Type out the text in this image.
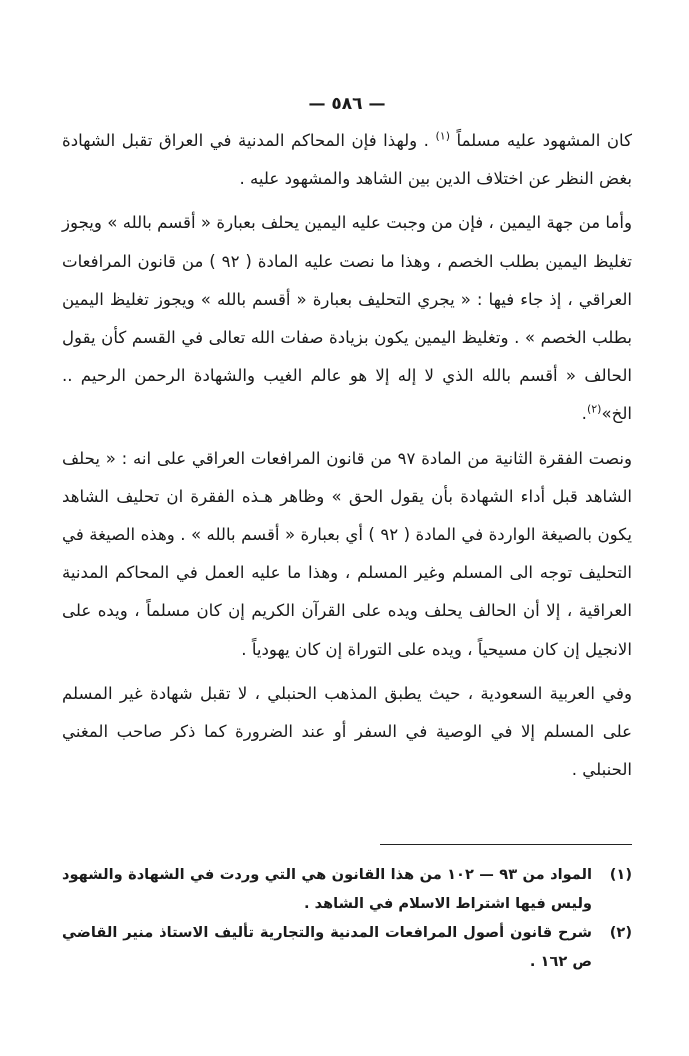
— ٥٨٦ —

كان المشهود عليه مسلماً $^{(١)}$ . ولهذا فإن المحاكم المدنية في العراق تقبل الشهادة بغض النظر عن اختلاف الدين بين الشاهد والمشهود عليه .

وأما من جهة اليمين ، فإن من وجبت عليه اليمين يحلف بعبارة « أقسم بالله » ويجوز تغليظ اليمين بطلب الخصم ، وهذا ما نصت عليه المادة ( ٩٢ ) من قانون المرافعات العراقي ، إذ جاء فيها : « يجري التحليف بعبارة « أقسم بالله » ويجوز تغليظ اليمين بطلب الخصم » . وتغليظ اليمين يكون بزيادة صفات الله تعالى في القسم كأن يقول الحالف « أقسم بالله الذي لا إله إلا هو عالم الغيب والشهادة الرحمن الرحيم .. الخ»$^{(٢)}$.

ونصت الفقرة الثانية من المادة ٩٧ من قانون المرافعات العراقي على انه : « يحلف الشاهد قبل أداء الشهادة بأن يقول الحق » وظاهر هـذه الفقرة ان تحليف الشاهد يكون بالصيغة الواردة في المادة ( ٩٢ ) أي بعبارة « أقسم بالله » . وهذه الصيغة في التحليف توجه الى المسلم وغير المسلم ، وهذا ما عليه العمل في المحاكم المدنية العراقية ، إلا أن الحالف يحلف ويده على القرآن الكريم إن كان مسلماً ، ويده على الانجيل إن كان مسيحياً ، ويده على التوراة إن كان يهودياً .

وفي العربية السعودية ، حيث يطبق المذهب الحنبلي ، لا تقبل شهادة غير المسلم على المسلم إلا في الوصية في السفر أو عند الضرورة كما ذكر صاحب المغني الحنبلي .

(١)
المواد من ٩٣ — ١٠٢ من هذا القانون هي التي وردت في الشهادة والشهود وليس فيها اشتراط الاسلام في الشاهد .
(٢)
شرح قانون أصول المرافعات المدنية والتجارية تأليف الاستاذ منير القاضي ص ١٦٢ .
